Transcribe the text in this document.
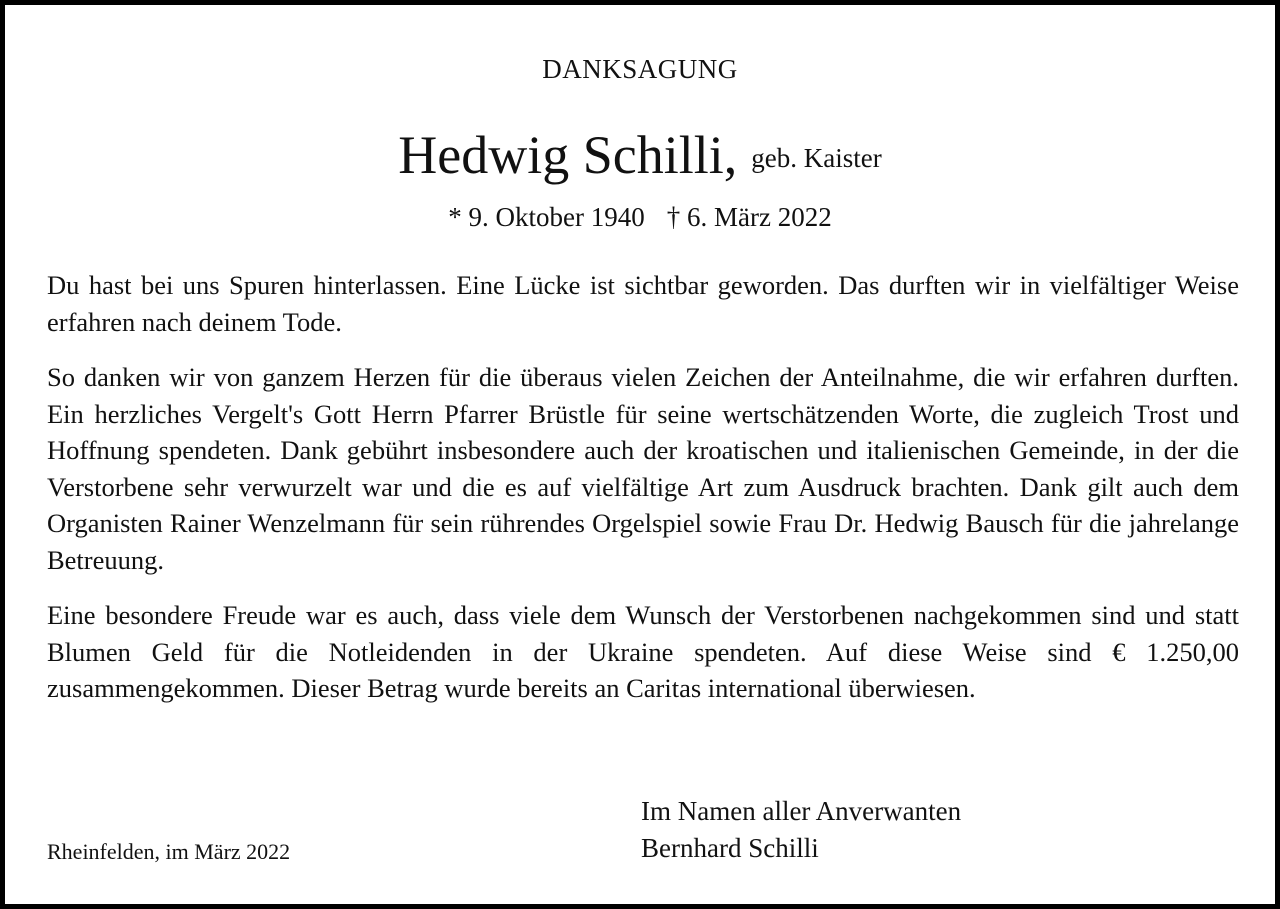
DANKSAGUNG
Hedwig Schilli, geb. Kaister
* 9. Oktober 1940 † 6. März 2022

Du hast bei uns Spuren hinterlassen. Eine Lücke ist sichtbar geworden. Das durften wir in vielfältiger Weise erfahren nach deinem Tode.

So danken wir von ganzem Herzen für die überaus vielen Zeichen der Anteilnahme, die wir erfahren durften. Ein herzliches Vergelt's Gott Herrn Pfarrer Brüstle für seine wertschätzenden Worte, die zugleich Trost und Hoffnung spendeten. Dank gebührt insbesondere auch der kroatischen und italienischen Gemeinde, in der die Verstorbene sehr verwurzelt war und die es auf vielfältige Art zum Ausdruck brachten. Dank gilt auch dem Organisten Rainer Wenzelmann für sein rührendes Orgelspiel sowie Frau Dr. Hedwig Bausch für die jahrelange Betreuung.

Eine besondere Freude war es auch, dass viele dem Wunsch der Verstorbenen nachgekommen sind und statt Blumen Geld für die Notleidenden in der Ukraine spendeten. Auf diese Weise sind € 1.250,00 zusammengekommen. Dieser Betrag wurde bereits an Caritas international überwiesen.

Im Namen aller Anverwanten
Bernhard Schilli
Rheinfelden, im März 2022
